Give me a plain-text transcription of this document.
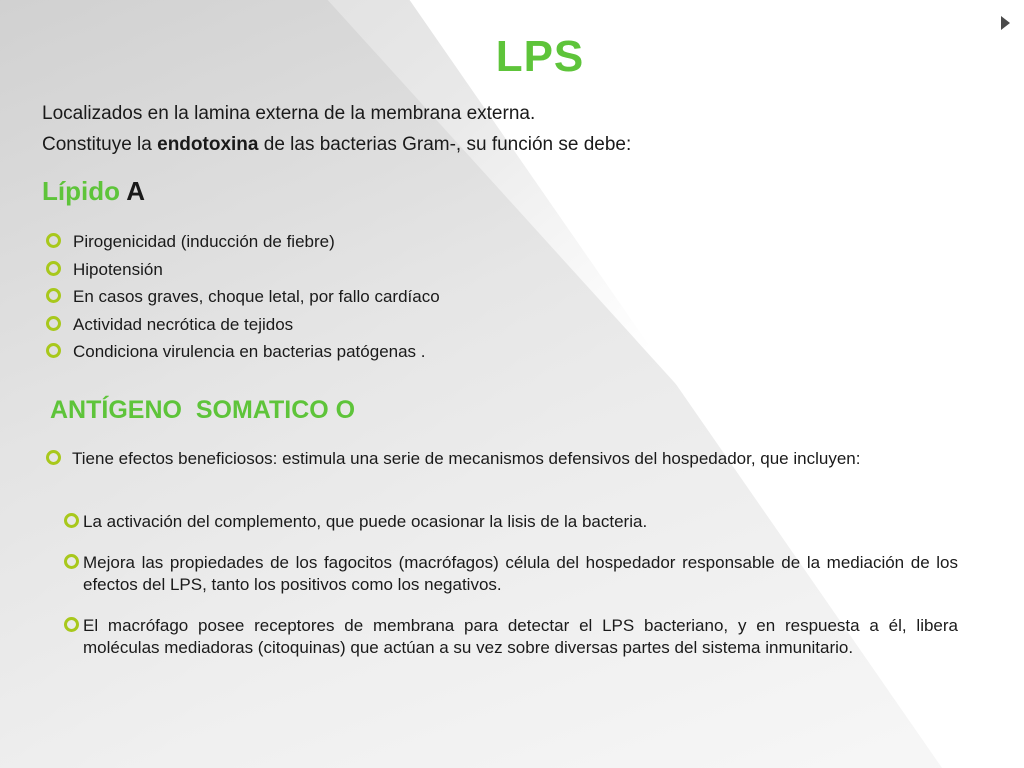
LPS
Localizados en la lamina externa de la membrana externa.
Constituye la endotoxina de las bacterias Gram-, su función se debe:
Lípido A
Pirogenicidad (inducción de fiebre)
Hipotensión
En casos graves, choque letal, por fallo cardíaco
Actividad necrótica de tejidos
Condiciona virulencia en bacterias patógenas .
ANTÍGENO  SOMATICO O
Tiene efectos beneficiosos: estimula una serie de mecanismos defensivos del hospedador, que incluyen:
La activación del complemento, que puede ocasionar la lisis de la bacteria.
Mejora las propiedades de los fagocitos (macrófagos) célula del hospedador responsable de la mediación de los efectos del LPS, tanto los positivos como los negativos.
El macrófago posee receptores de membrana para detectar el LPS bacteriano, y en respuesta a él, libera moléculas mediadoras (citoquinas) que actúan a su vez sobre diversas partes del sistema inmunitario.
